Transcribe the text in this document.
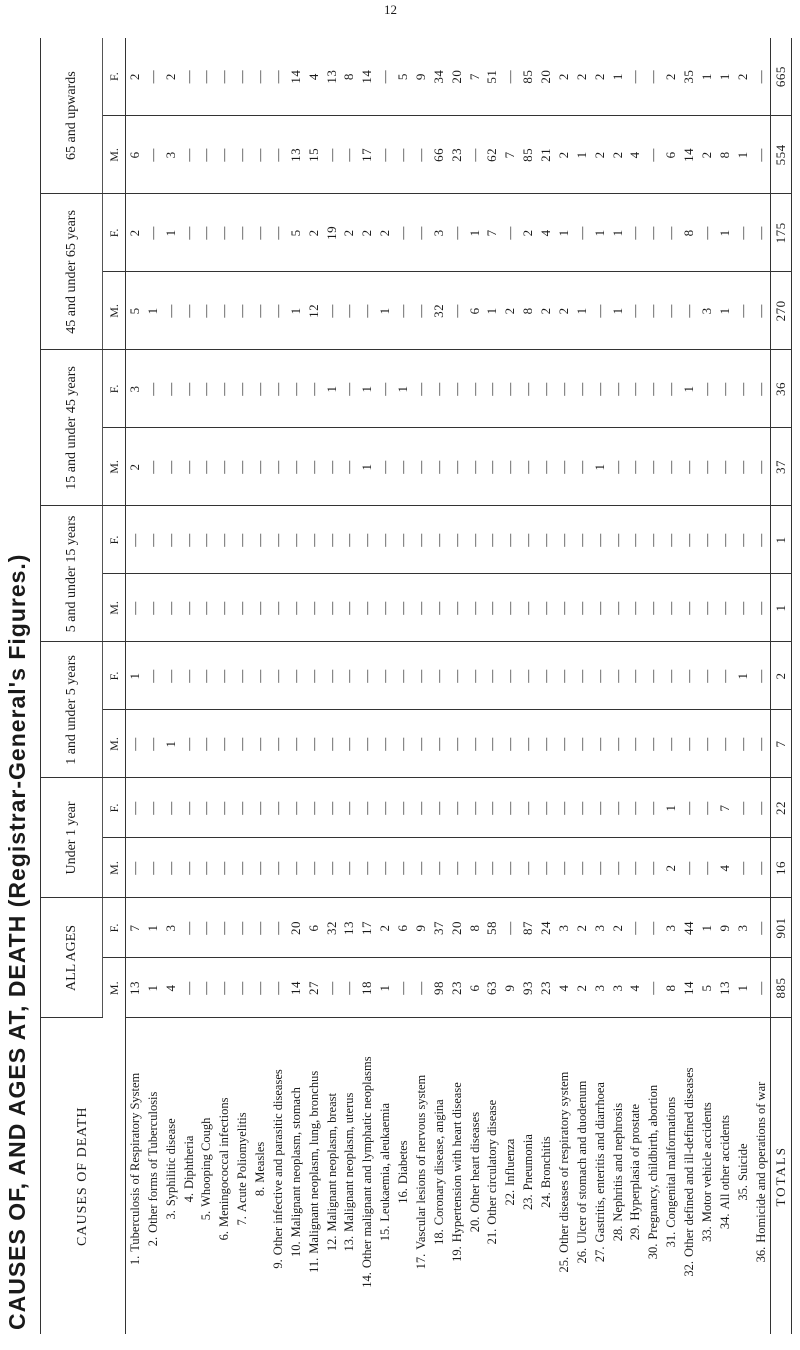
12
CAUSES OF, AND AGES AT, DEATH (Registrar-General's Figures.)	CAUSES OF DEATH	ALL AGES		Under 1 year		1 and under 5 years		5 and under 15 years		15 and under 45 years		45 and under 65 years		65 and upwards	
	M.	F.	M.	F.	M.	F.	M.	F.	M.	F.	M.	F.	M.	F.
1.Tuberculosis of Respiratory System	13	7	—	—	—	1	—	—	2	3	5	2	6	2
2.Other forms of Tuberculosis	1	1	—	—	—	—	—	—	—	—	1	—	—	—
3.Syphilitic disease	4	3	—	—	1	—	—	—	—	—	—	1	3	2
4.Diphtheria	—	—	—	—	—	—	—	—	—	—	—	—	—	—
5.Whooping Cough	—	—	—	—	—	—	—	—	—	—	—	—	—	—
6.Meningococcal infections	—	—	—	—	—	—	—	—	—	—	—	—	—	—
7.Acute Poliomyelitis	—	—	—	—	—	—	—	—	—	—	—	—	—	—
8.Measles	—	—	—	—	—	—	—	—	—	—	—	—	—	—
9.Other infective and parasitic diseases	—	—	—	—	—	—	—	—	—	—	—	—	—	—
10.Malignant neoplasm, stomach	14	20	—	—	—	—	—	—	—	—	1	5	13	14
11.Malignant neoplasm, lung, bronchus	27	6	—	—	—	—	—	—	—	—	12	2	15	4
12.Malignant neoplasm, breast	—	32	—	—	—	—	—	—	—	1	—	19	—	13
13.Malignant neoplasm, uterus	—	13	—	—	—	—	—	—	—	—	—	2	—	8
14.Other malignant and lymphatic neoplasms	18	17	—	—	—	—	—	—	1	1	—	2	17	14
15.Leukaemia, aleukaemia	1	2	—	—	—	—	—	—	—	—	1	2	—	—
16.Diabetes	—	6	—	—	—	—	—	—	—	1	—	—	—	5
17.Vascular lesions of nervous system	—	9	—	—	—	—	—	—	—	—	—	—	—	9
18.Coronary disease, angina	98	37	—	—	—	—	—	—	—	—	32	3	66	34
19.Hypertension with heart disease	23	20	—	—	—	—	—	—	—	—	—	—	23	20
20.Other heart diseases	6	8	—	—	—	—	—	—	—	—	6	1	—	7
21.Other circulatory disease	63	58	—	—	—	—	—	—	—	—	1	7	62	51
22.Influenza	9	—	—	—	—	—	—	—	—	—	2	—	7	—
23.Pneumonia	93	87	—	—	—	—	—	—	—	—	8	2	85	85
24.Bronchitis	23	24	—	—	—	—	—	—	—	—	2	4	21	20
25.Other diseases of respiratory system	4	3	—	—	—	—	—	—	—	—	2	1	2	2
26.Ulcer of stomach and duodenum	2	2	—	—	—	—	—	—	—	—	1	—	1	2
27.Gastritis, enteritis and diarrhoea	3	3	—	—	—	—	—	—	1	—	—	1	2	2
28.Nephritis and nephrosis	3	2	—	—	—	—	—	—	—	—	1	1	2	1
29.Hyperplasia of prostate	4	—	—	—	—	—	—	—	—	—	—	—	4	—
30.Pregnancy, childbirth, abortion	—	—	—	—	—	—	—	—	—	—	—	—	—	—
31.Congenital malformations	8	3	2	1	—	—	—	—	—	—	—	—	6	2
32.Other defined and ill-defined diseases	14	44	—	—	—	—	—	—	—	1	—	8	14	35
33.Motor vehicle accidents	5	1	—	—	—	—	—	—	—	—	3	—	2	1
34.All other accidents	13	9	4	7	—	—	—	—	—	—	1	1	8	1
35.Suicide	1	3	—	—	—	1	—	—	—	—	—	—	1	2
36.Homicide and operations of war	—	—	—	—	—	—	—	—	—	—	—	—	—	—
TOTALS	885	901	16	22	7	2	1	1	37	36	270	175	554	665
